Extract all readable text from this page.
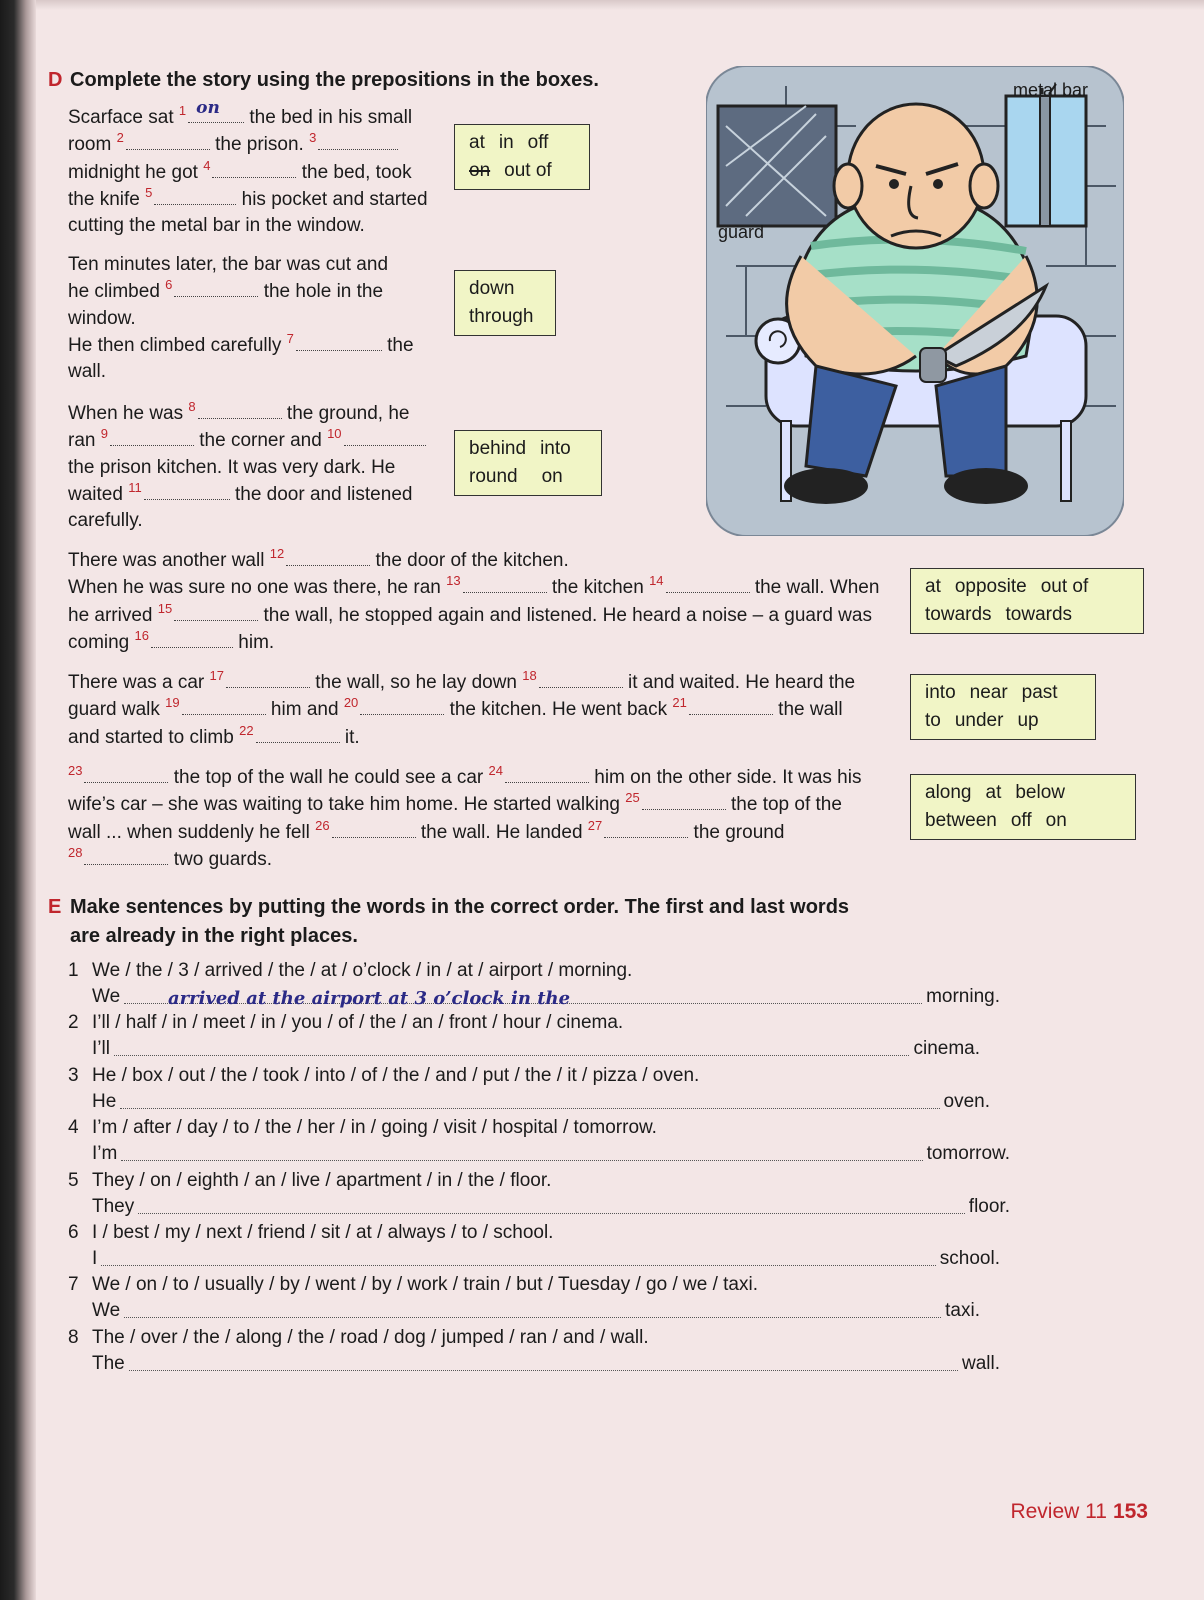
D Complete the story using the prepositions in the boxes.
Scarface sat $^1$ on the bed in his small
room $^2$	the prison. $^3$
midnight he got $^4$	the bed, took
the knife $^5$	his pocket and started
cutting the metal bar in the window.
at in off
on out of
Ten minutes later, the bar was cut and
he climbed $^6$	the hole in the
window.
He then climbed carefully $^7$	the
wall.
down
through
When he was $^8$	the ground, he
ran $^9$	the corner and $^{10}$
the prison kitchen. It was very dark. He
waited $^{11}$	the door and listened
carefully.
behind into
round on
metal bar
guard
There was another wall $^{12}$	the door of the kitchen.
When he was sure no one was there, he ran $^{13}$	the kitchen $^{14}$	the wall. When
he arrived $^{15}$	the wall, he stopped again and listened. He heard a noise – a guard was
coming $^{16}$	him.
at opposite out of
towards towards
There was a car $^{17}$	the wall, so he lay down $^{18}$	it and waited. He heard the
guard walk $^{19}$	him and $^{20}$	the kitchen. He went back $^{21}$	the wall
and started to climb $^{22}$	it.
into near past
to under up
$^{23}$	the top of the wall he could see a car $^{24}$	him on the other side. It was his
wife’s car – she was waiting to take him home. He started walking $^{25}$	the top of the
wall ... when suddenly he fell $^{26}$	the wall. He landed $^{27}$	the ground
$^{28}$	two guards.
along at below
between off on
E Make sentences by putting the words in the correct order. The first and last words
are already in the right places.
1 We / the / 3 / arrived / the / at / o’clock / in / at / airport / morning.
We	morning.
arrived at the airport at 3 o’clock in the
2 I’ll / half / in / meet / in / you / of / the / an / front / hour / cinema.
I’ll	cinema.
3 He / box / out / the / took / into / of / the / and / put / the / it / pizza / oven.
He	oven.
4 I’m / after / day / to / the / her / in / going / visit / hospital / tomorrow.
I’m	tomorrow.
5 They / on / eighth / an / live / apartment / in / the / floor.
They	floor.
6 I / best / my / next / friend / sit / at / always / to / school.
I	school.
7 We / on / to / usually / by / went / by / work / train / but / Tuesday / go / we / taxi.
We	taxi.
8 The / over / the / along / the / road / dog / jumped / ran / and / wall.
The	wall.
Review 11 153
